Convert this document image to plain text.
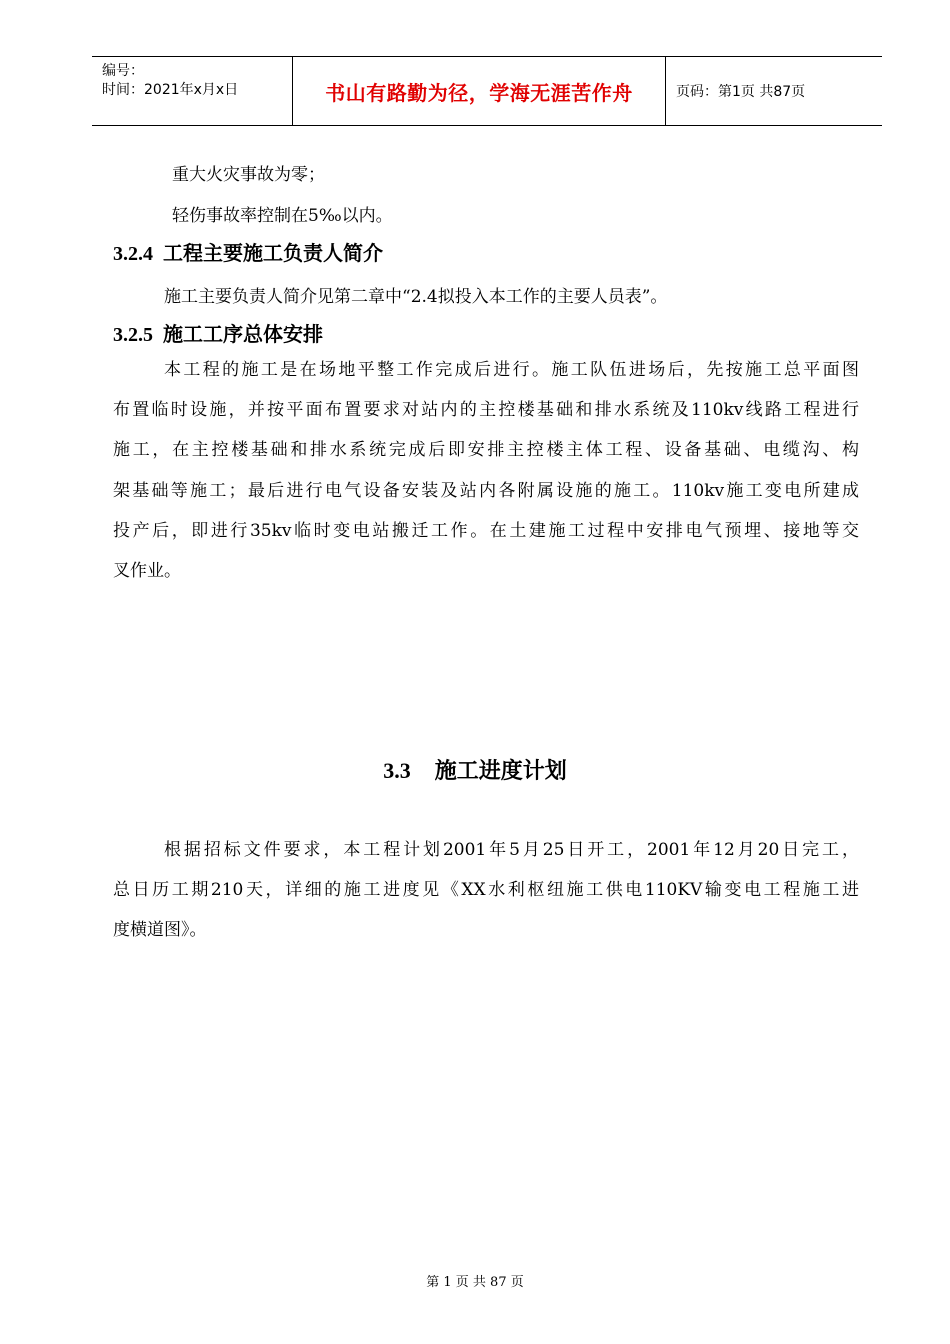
编号：
时间：2021年x月x日	书山有路勤为径，学海无涯苦作舟	页码：第1页 共87页
重大火灾事故为零；
轻伤事故率控制在5‰以内。
3.2.4 工程主要施工负责人简介
施工主要负责人简介见第二章中“2.4拟投入本工作的主要人员表”。
3.2.5 施工工序总体安排
本工程的施工是在场地平整工作完成后进行。施工队伍进场后，先按施工总平面图
布置临时设施，并按平面布置要求对站内的主控楼基础和排水系统及110kv线路工程进行
施工，在主控楼基础和排水系统完成后即安排主控楼主体工程、设备基础、电缆沟、构
架基础等施工；最后进行电气设备安装及站内各附属设施的施工。110kv施工变电所建成
投产后，即进行35kv临时变电站搬迁工作。在土建施工过程中安排电气预埋、接地等交
叉作业。
3.3 施工进度计划
根据招标文件要求，本工程计划2001年5月25日开工，2001年12月20日完工，
总日历工期210天，详细的施工进度见《XX水利枢纽施工供电110KV输变电工程施工进
度横道图》。
第 1 页 共 87 页
